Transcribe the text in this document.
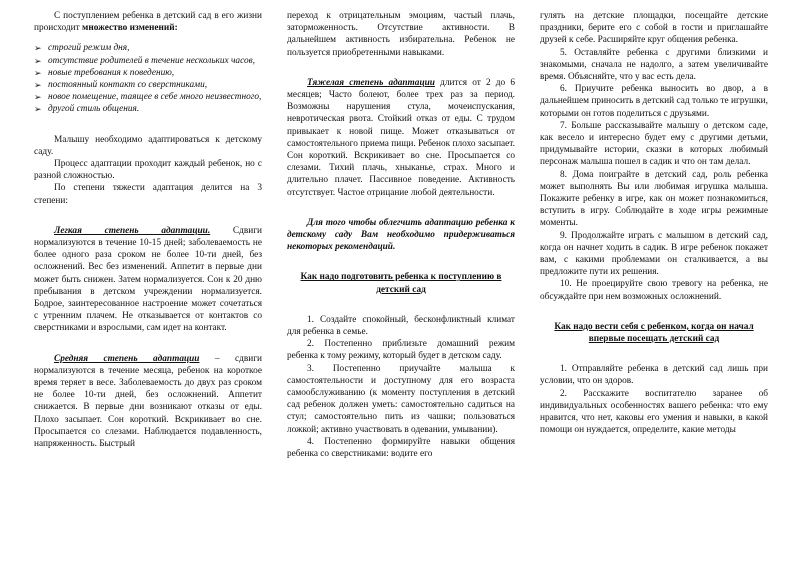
С поступлением ребенка в детский сад в его жизни происходит множество изменений:

➢ строгий режим дня,
➢ отсутствие родителей в течение нескольких часов,
➢ новые требования к поведению,
➢ постоянный контакт со сверстниками,
➢ новое помещение, таящее в себе много неизвестного,
➢ другой стиль общения.

Малышу необходимо адаптироваться к детскому саду.

Процесс адаптации проходит каждый ребенок, но с разной сложностью.

По степени тяжести адаптация делится на 3 степени:

Легкая степень адаптации. Сдвиги нормализуются в течение 10-15 дней; заболеваемость не более одного раза сроком не более 10-ти дней, без осложнений. Вес без изменений. Аппетит в первые дни может быть снижен. Затем нормализуется. Сон к 20 дню пребывания в детском учреждении нормализуется. Бодрое, заинтересованное настроение может сочетаться с утренним плачем. Не отказывается от контактов со сверстниками и взрослыми, сам идет на контакт.

Средняя степень адаптации – сдвиги нормализуются в течение месяца, ребенок на короткое время теряет в весе. Заболеваемость до двух раз сроком не более 10-ти дней, без осложнений. Аппетит снижается. В первые дни возникают отказы от еды. Плохо засыпает. Сон короткий. Вскрикивает во сне. Просыпается со слезами. Наблюдается подавленность, напряженность. Быстрый

переход к отрицательным эмоциям, частый плачь, заторможенность. Отсутствие активности. В дальнейшем активность избирательна. Ребенок не пользуется приобретенными навыками.

Тяжелая степень адаптации длится от 2 до 6 месяцев; Часто болеют, более трех раз за период. Возможны нарушения стула, мочеиспускания, невротическая рвота. Стойкий отказ от еды. С трудом привыкает к новой пище. Может отказываться от самостоятельного приема пищи. Ребенок плохо засыпает. Сон короткий. Вскрикивает во сне. Просыпается со слезами. Тихий плачь, хныканье, страх. Много и длительно плачет. Пассивное поведение. Активность отсутствует. Частое отрицание любой деятельности.

Для того чтобы облегчить адаптацию ребенка к детскому саду Вам необходимо придерживаться некоторых рекомендаций.

Как надо подготовить ребенка к поступлению в детский сад

1. Создайте спокойный, бесконфликтный климат для ребенка в семье.

2. Постепенно приблизьте домашний режим ребенка к тому режиму, который будет в детском саду.

3. Постепенно приучайте малыша к самостоятельности и доступному для его возраста самообслуживанию (к моменту поступления в детский сад ребенок должен уметь: самостоятельно садиться на стул; самостоятельно пить из чашки; пользоваться ложкой; активно участвовать в одевании, умывании).

4. Постепенно формируйте навыки общения ребенка со сверстниками: водите его

гулять на детские площадки, посещайте детские праздники, берите его с собой в гости и приглашайте друзей к себе. Расширяйте круг общения ребенка.

5. Оставляйте ребенка с другими близкими и знакомыми, сначала не надолго, а затем увеличивайте время. Объясняйте, что у вас есть дела.

6. Приучите ребенка выносить во двор, а в дальнейшем приносить в детский сад только те игрушки, которыми он готов поделиться с друзьями.

7. Больше рассказывайте малышу о детском саде, как весело и интересно будет ему с другими детьми, придумывайте истории, сказки в которых любимый персонаж малыша пошел в садик и что он там делал.

8. Дома поиграйте в детский сад, роль ребенка может выполнять Вы или любимая игрушка малыша. Покажите ребенку в игре, как он может познакомиться, вступить в игру. Соблюдайте в ходе игры режимные моменты.

9. Продолжайте играть с малышом в детский сад, когда он начнет ходить в садик. В игре ребенок покажет вам, с какими проблемами он сталкивается, а вы предложите пути их решения.

10. Не проецируйте свою тревогу на ребенка, не обсуждайте при нем возможных осложнений.

Как надо вести себя с ребенком, когда он начал впервые посещать детский сад

1. Отправляйте ребенка в детский сад лишь при условии, что он здоров.

2. Расскажите воспитателю заранее об индивидуальных особенностях вашего ребенка: что ему нравится, что нет, каковы его умения и навыки, в какой помощи он нуждается, определите, какие методы
